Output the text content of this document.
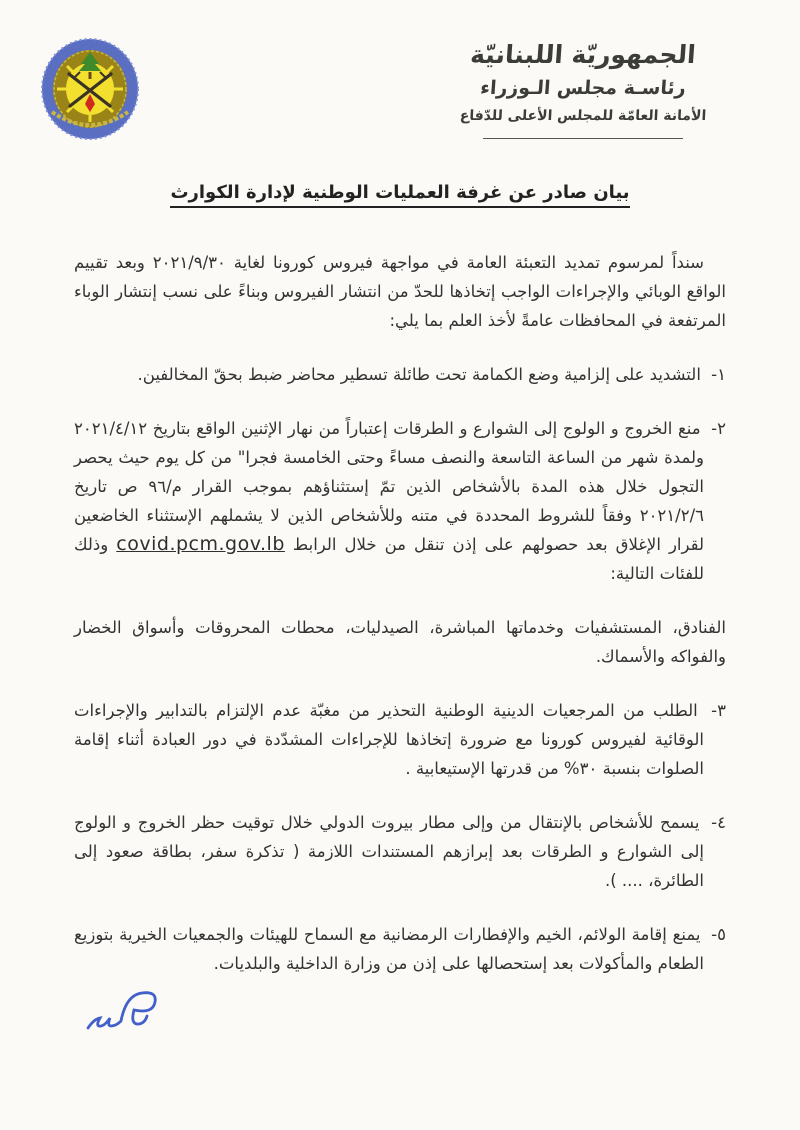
الجمهوريّة اللبنانيّة
رئاسـة مجلس الـوزراء
الأمانة العامّة للمجلس الأعلى للدّفاع
بيان صادر عن غرفة العمليات الوطنية لإدارة الكوارث

سنداً لمرسوم تمديد التعبئة العامة في مواجهة فيروس كورونا لغاية ٢٠٢١/٩/٣٠ وبعد تقييم الواقع الوبائي والإجراءات الواجب إتخاذها للحدّ من انتشار الفيروس وبناءً على نسب إنتشار الوباء المرتفعة في المحافظات عامةً لأخذ العلم بما يلي:

١- التشديد على إلزامية وضع الكمامة تحت طائلة تسطير محاضر ضبط بحقّ المخالفين.

٢- منع الخروج و الولوج إلى الشوارع و الطرقات إعتباراً من نهار الإثنين الواقع بتاريخ ٢٠٢١/٤/١٢ ولمدة شهر من الساعة التاسعة والنصف مساءً وحتى الخامسة فجرا" من كل يوم حيث يحصر التجول خلال هذه المدة بالأشخاص الذين تمّ إستثناؤهم بموجب القرار م/٩٦ ص تاريخ ٢٠٢١/٢/٦ وفقاً للشروط المحددة في متنه وللأشخاص الذين لا يشملهم الإستثناء الخاضعين لقرار الإغلاق بعد حصولهم على إذن تنقل من خلال الرابط covid.pcm.gov.lb وذلك للفئات التالية:

الفنادق، المستشفيات وخدماتها المباشرة، الصيدليات، محطات المحروقات وأسواق الخضار والفواكه والأسماك.

٣- الطلب من المرجعيات الدينية الوطنية التحذير من مغبّة عدم الإلتزام بالتدابير والإجراءات الوقائية لفيروس كورونا مع ضرورة إتخاذها للإجراءات المشدّدة في دور العبادة أثناء إقامة الصلوات بنسبة ٣٠% من قدرتها الإستيعابية .

٤- يسمح للأشخاص بالإنتقال من وإلى مطار بيروت الدولي خلال توقيت حظر الخروج و الولوج إلى الشوارع و الطرقات بعد إبرازهم المستندات اللازمة ( تذكرة سفر، بطاقة صعود إلى الطائرة، .... ).

٥- يمنع إقامة الولائم، الخيم والإفطارات الرمضانية مع السماح للهيئات والجمعيات الخيرية بتوزيع الطعام والمأكولات بعد إستحصالها على إذن من وزارة الداخلية والبلديات.
